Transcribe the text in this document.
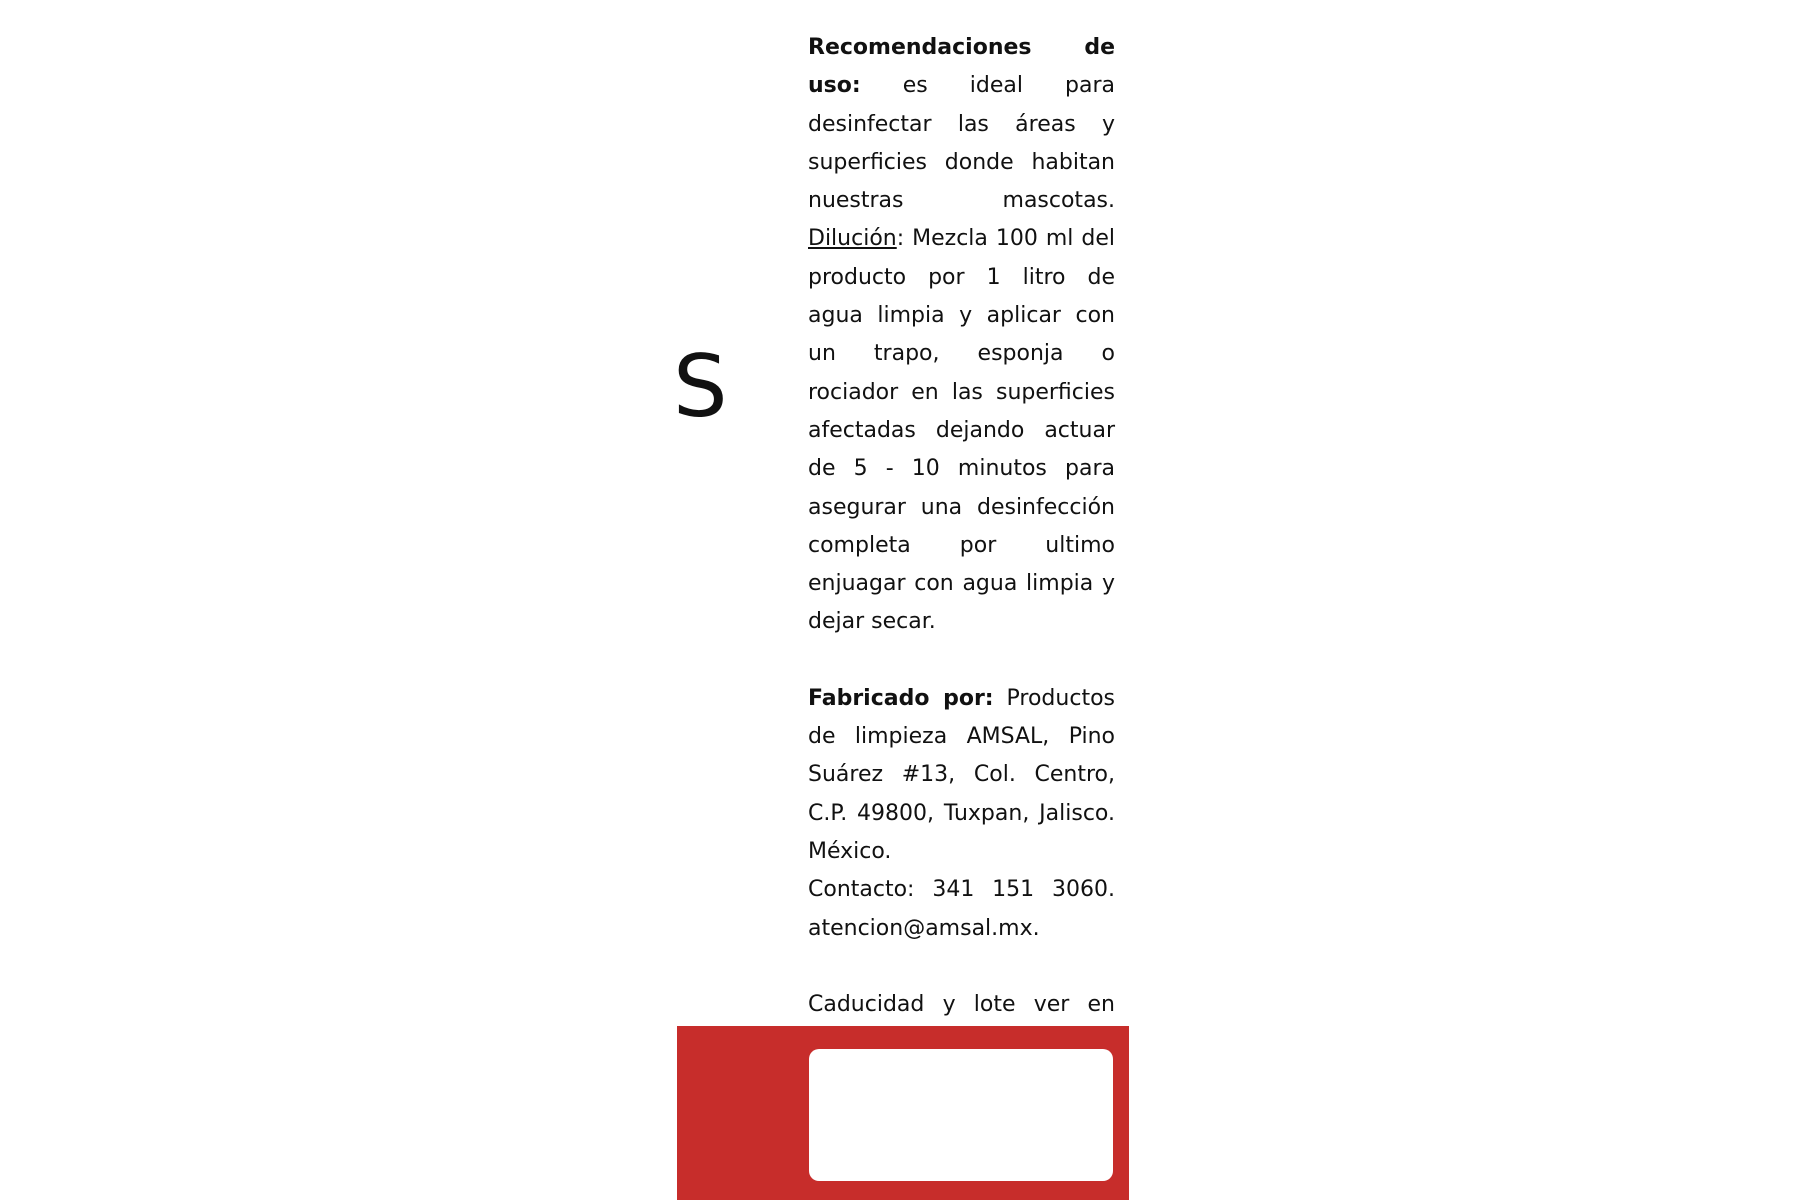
S

Recomendaciones de uso: es ideal para desinfectar las áreas y superficies donde habitan nuestras mascotas. Dilución: Mezcla 100 ml del producto por 1 litro de agua limpia y aplicar con un trapo, esponja o rociador en las superficies afectadas dejando actuar de 5 - 10 minutos para asegurar una desinfección completa por ultimo enjuagar con agua limpia y dejar secar.

Fabricado por: Productos de limpieza AMSAL, Pino Suárez #13, Col. Centro, C.P. 49800, Tuxpan, Jalisco. México.

Contacto: 341 151 3060. atencion@amsal.mx.

Caducidad y lote ver en
